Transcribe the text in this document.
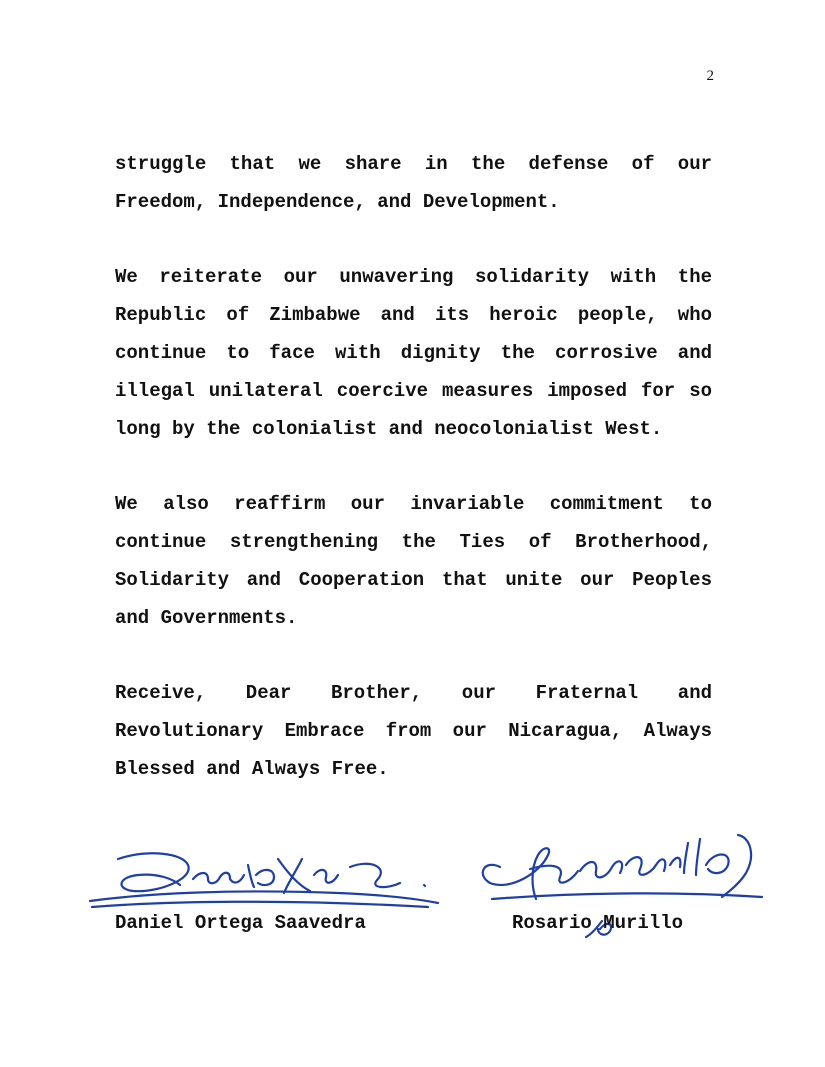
2

struggle that we share in the defense of our Freedom, Independence, and Development.

We reiterate our unwavering solidarity with the Republic of Zimbabwe and its heroic people, who continue to face with dignity the corrosive and illegal unilateral coercive measures imposed for so long by the colonialist and neocolonialist West.

We also reaffirm our invariable commitment to continue strengthening the Ties of Brotherhood, Solidarity and Cooperation that unite our Peoples and Governments.

Receive, Dear Brother, our Fraternal and Revolutionary Embrace from our Nicaragua, Always Blessed and Always Free.

Daniel Ortega Saavedra	Rosario Murillo
